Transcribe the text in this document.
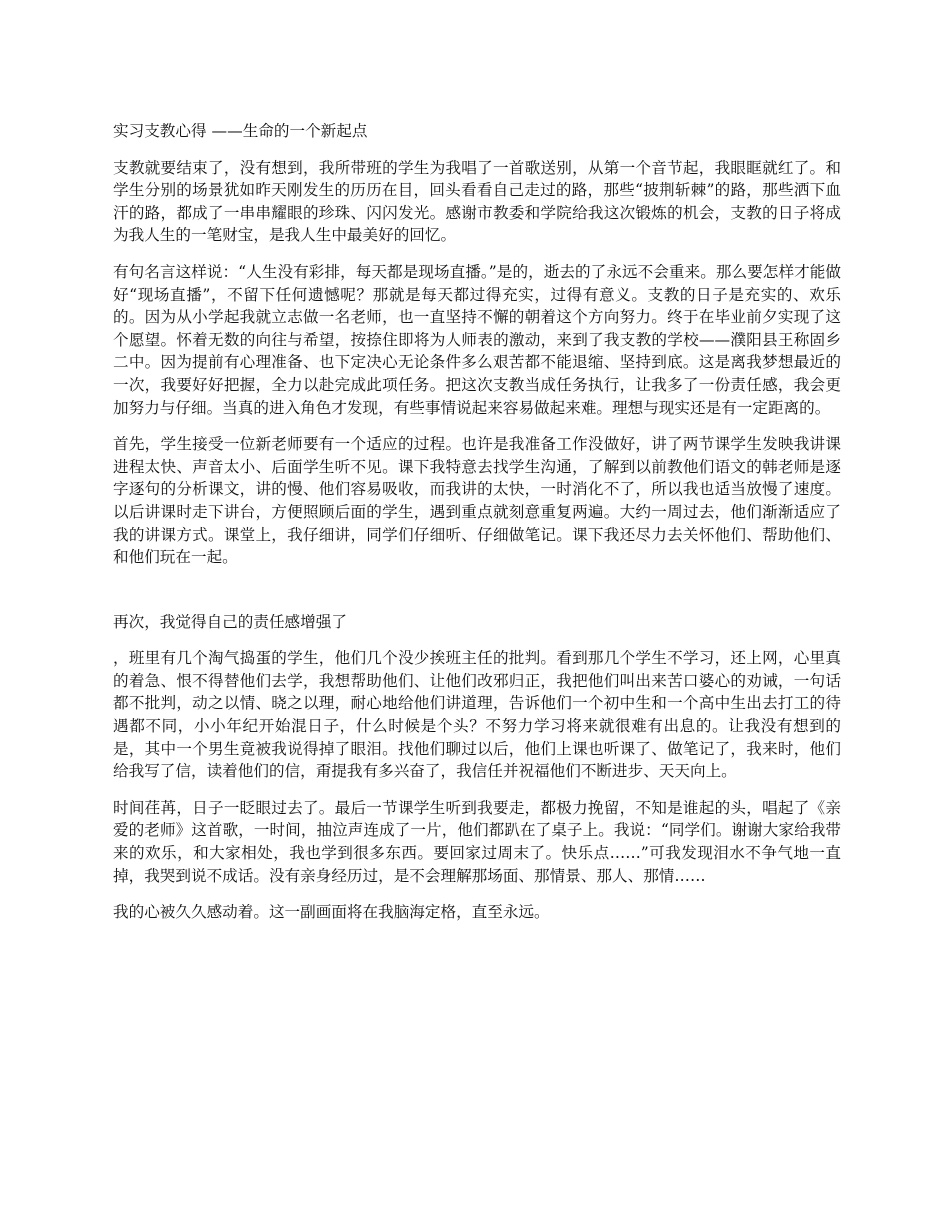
实习支教心得 ——生命的一个新起点
支教就要结束了，没有想到，我所带班的学生为我唱了一首歌送别，从第一个音节起，我眼眶就红了。和学生分别的场景犹如昨天刚发生的历历在目，回头看看自己走过的路，那些“披荆斩棘”的路，那些洒下血汗的路，都成了一串串耀眼的珍珠、闪闪发光。感谢市教委和学院给我这次锻炼的机会，支教的日子将成为我人生的一笔财宝，是我人生中最美好的回忆。
有句名言这样说：“人生没有彩排，每天都是现场直播。”是的，逝去的了永远不会重来。那么要怎样才能做好“现场直播”，不留下任何遗憾呢？那就是每天都过得充实，过得有意义。支教的日子是充实的、欢乐的。因为从小学起我就立志做一名老师，也一直坚持不懈的朝着这个方向努力。终于在毕业前夕实现了这个愿望。怀着无数的向往与希望，按捺住即将为人师表的激动，来到了我支教的学校——濮阳县王称固乡二中。因为提前有心理准备、也下定决心无论条件多么艰苦都不能退缩、坚持到底。这是离我梦想最近的一次，我要好好把握，全力以赴完成此项任务。把这次支教当成任务执行，让我多了一份责任感，我会更加努力与仔细。当真的进入角色才发现，有些事情说起来容易做起来难。理想与现实还是有一定距离的。
首先，学生接受一位新老师要有一个适应的过程。也许是我准备工作没做好，讲了两节课学生发映我讲课进程太快、声音太小、后面学生听不见。课下我特意去找学生沟通，了解到以前教他们语文的韩老师是逐字逐句的分析课文，讲的慢、他们容易吸收，而我讲的太快，一时消化不了，所以我也适当放慢了速度。以后讲课时走下讲台，方便照顾后面的学生，遇到重点就刻意重复两遍。大约一周过去，他们渐渐适应了我的讲课方式。课堂上，我仔细讲，同学们仔细听、仔细做笔记。课下我还尽力去关怀他们、帮助他们、和他们玩在一起。
再次，我觉得自己的责任感增强了
，班里有几个淘气捣蛋的学生，他们几个没少挨班主任的批判。看到那几个学生不学习，还上网，心里真的着急、恨不得替他们去学，我想帮助他们、让他们改邪归正，我把他们叫出来苦口婆心的劝诫，一句话都不批判，动之以情、晓之以理，耐心地给他们讲道理，告诉他们一个初中生和一个高中生出去打工的待遇都不同，小小年纪开始混日子，什么时候是个头？不努力学习将来就很难有出息的。让我没有想到的是，其中一个男生竟被我说得掉了眼泪。找他们聊过以后，他们上课也听课了、做笔记了，我来时，他们给我写了信，读着他们的信，甭提我有多兴奋了，我信任并祝福他们不断进步、天天向上。
时间荏苒，日子一眨眼过去了。最后一节课学生听到我要走，都极力挽留，不知是谁起的头，唱起了《亲爱的老师》这首歌，一时间，抽泣声连成了一片，他们都趴在了桌子上。我说：“同学们。谢谢大家给我带来的欢乐，和大家相处，我也学到很多东西。要回家过周末了。快乐点……”可我发现泪水不争气地一直掉，我哭到说不成话。没有亲身经历过，是不会理解那场面、那情景、那人、那情……
我的心被久久感动着。这一副画面将在我脑海定格，直至永远。
